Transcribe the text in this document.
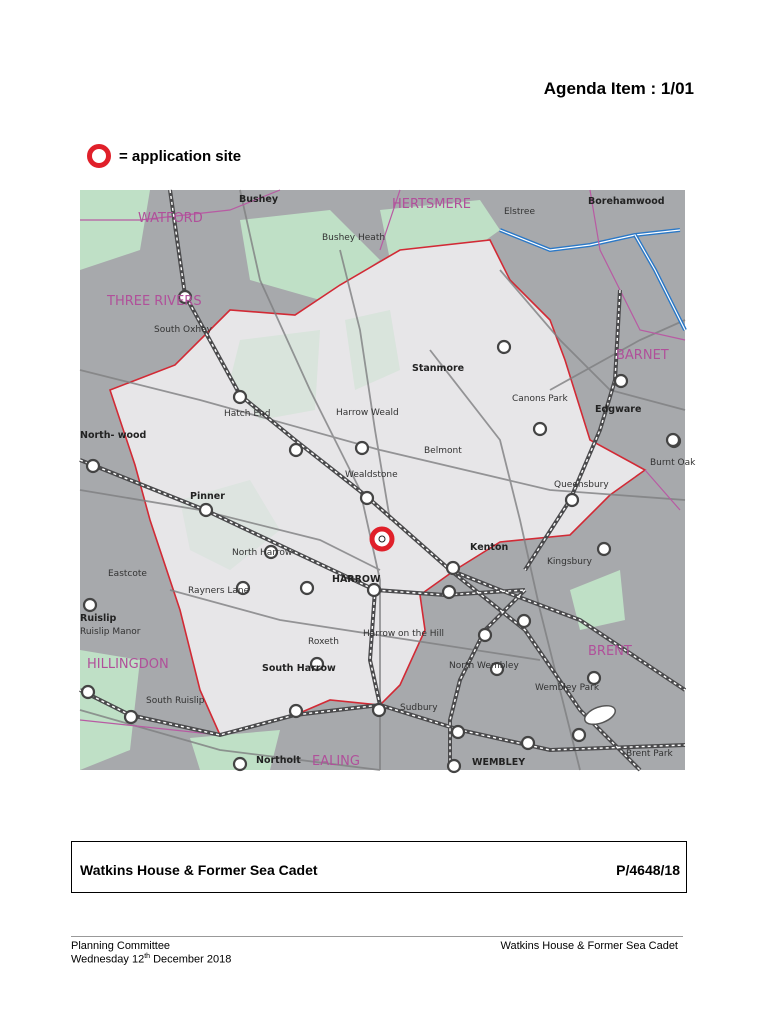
Agenda Item : 1/01
= application site
WATFORD
HERTSMERE
THREE RIVERS
BARNET
HILLINGDON
BRENT
EALING
Bushey
Bushey Heath
Elstree
Borehamwood
South Oxhey
Stanmore
Canons Park
Edgware
Hatch End	Harrow Weald
Belmont
North- wood
Burnt Oak
Wealdstone
Queensbury
Pinner
Kenton
North Harrow
Kingsbury
Eastcote	HARROW
Rayners Lane
Ruislip
Ruislip Manor
Roxeth
Harrow on the Hill
South Harrow	North Wembley
Wembley Park
South Ruislip
Sudbury
Brent Park
Northolt	WEMBLEY
Watkins House & Former Sea Cadet	P/4648/18
Planning Committee
Wednesday 12th December 2018
Watkins House & Former Sea Cadet
